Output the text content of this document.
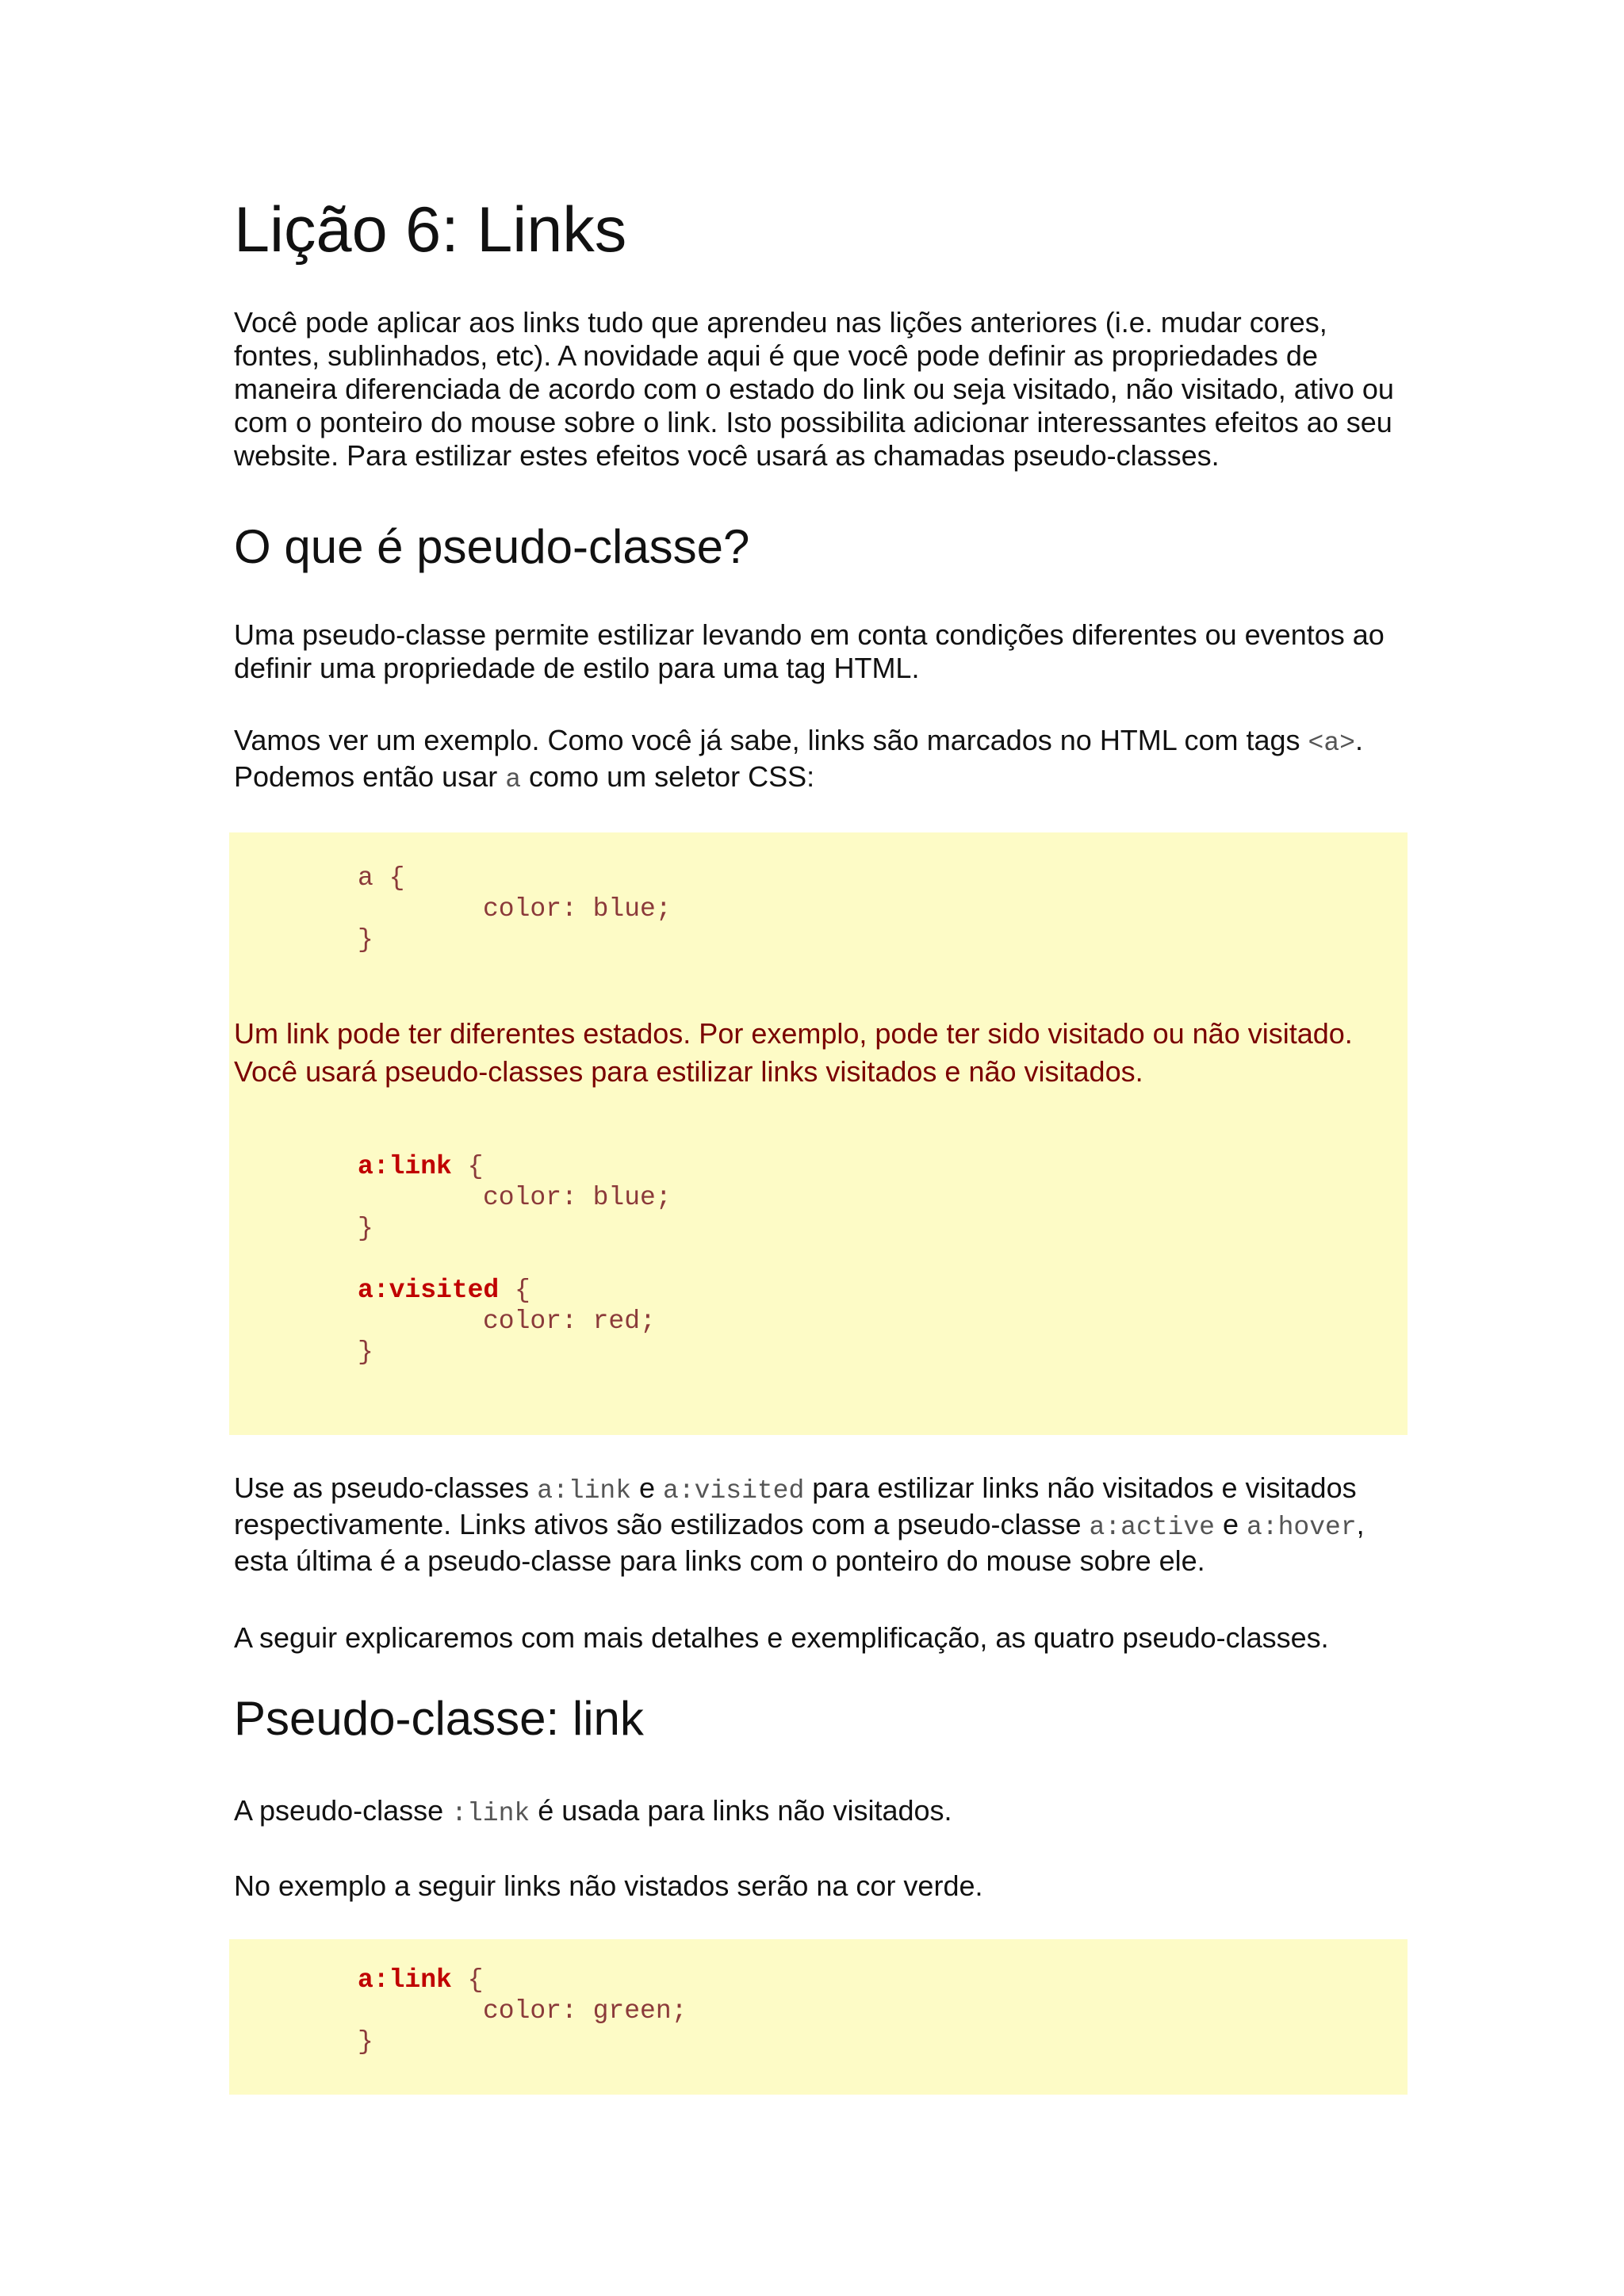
Lição 6: Links

Você pode aplicar aos links tudo que aprendeu nas lições anteriores (i.e. mudar cores, fontes, sublinhados, etc). A novidade aqui é que você pode definir as propriedades de maneira diferenciada de acordo com o estado do link ou seja visitado, não visitado, ativo ou com o ponteiro do mouse sobre o link. Isto possibilita adicionar interessantes efeitos ao seu website. Para estilizar estes efeitos você usará as chamadas pseudo-classes.

O que é pseudo-classe?

Uma pseudo-classe permite estilizar levando em conta condições diferentes ou eventos ao definir uma propriedade de estilo para uma tag HTML.

Vamos ver um exemplo. Como você já sabe, links são marcados no HTML com tags <a>. Podemos então usar a como um seletor CSS:

a {
color: blue;
}
Um link pode ter diferentes estados. Por exemplo, pode ter sido visitado ou não visitado. Você usará pseudo-classes para estilizar links visitados e não visitados.
a:link {
color: blue;
}
a:visited {
color: red;
}

Use as pseudo-classes a:link e a:visited para estilizar links não visitados e visitados respectivamente. Links ativos são estilizados com a pseudo-classe a:active e a:hover, esta última é a pseudo-classe para links com o ponteiro do mouse sobre ele.

A seguir explicaremos com mais detalhes e exemplificação, as quatro pseudo-classes.

Pseudo-classe: link

A pseudo-classe :link é usada para links não visitados.

No exemplo a seguir links não vistados serão na cor verde.

a:link {
color: green;
}
